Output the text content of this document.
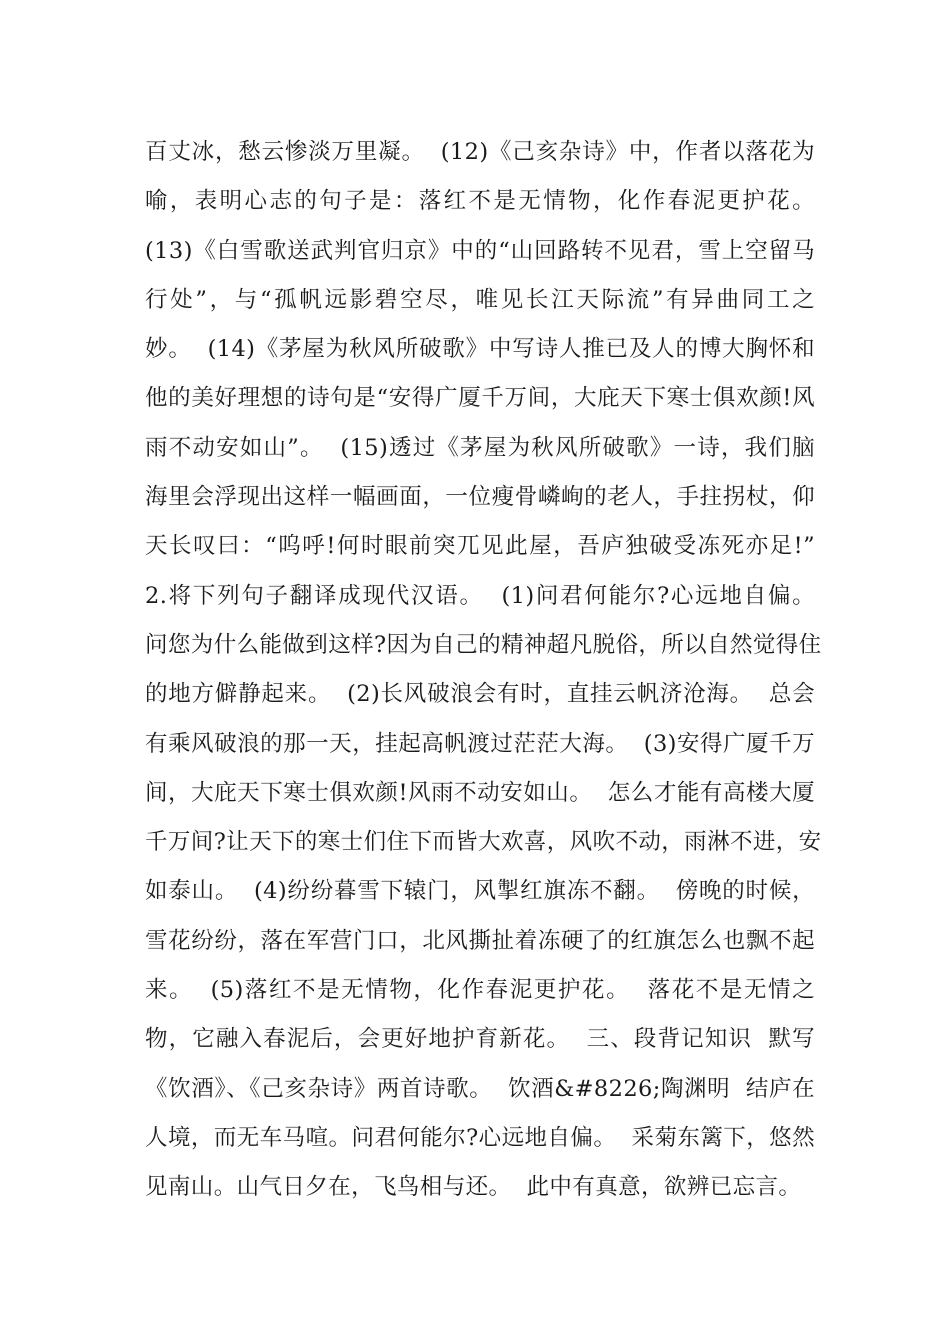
百丈冰，愁云惨淡万里凝。  (12)《己亥杂诗》中，作者以落花为
喻，表明心志的句子是：落红不是无情物，化作春泥更护花。
(13)《白雪歌送武判官归京》中的“山回路转不见君，雪上空留马
行处”，与“孤帆远影碧空尽，唯见长江天际流”有异曲同工之
妙。  (14)《茅屋为秋风所破歌》中写诗人推已及人的博大胸怀和
他的美好理想的诗句是“安得广厦千万间，大庇天下寒士俱欢颜!风
雨不动安如山”。  (15)透过《茅屋为秋风所破歌》一诗，我们脑
海里会浮现出这样一幅画面，一位瘦骨嶙峋的老人，手拄拐杖，仰
天长叹曰：“呜呼!何时眼前突兀见此屋，吾庐独破受冻死亦足!”
2.将下列句子翻译成现代汉语。  (1)问君何能尔?心远地自偏。
问您为什么能做到这样?因为自己的精神超凡脱俗，所以自然觉得住
的地方僻静起来。  (2)长风破浪会有时，直挂云帆济沧海。  总会
有乘风破浪的那一天，挂起高帆渡过茫茫大海。  (3)安得广厦千万
间，大庇天下寒士俱欢颜!风雨不动安如山。  怎么才能有高楼大厦
千万间?让天下的寒士们住下而皆大欢喜，风吹不动，雨淋不进，安
如泰山。  (4)纷纷暮雪下辕门，风掣红旗冻不翻。  傍晚的时候，
雪花纷纷，落在军营门口，北风撕扯着冻硬了的红旗怎么也飘不起
来。  (5)落红不是无情物，化作春泥更护花。  落花不是无情之
物，它融入春泥后，会更好地护育新花。  三、段背记知识  默写
《饮酒》、《己亥杂诗》两首诗歌。  饮酒&#8226;陶渊明  结庐在
人境，而无车马喧。问君何能尔?心远地自偏。  采菊东篱下，悠然
见南山。山气日夕在，飞鸟相与还。  此中有真意，欲辨已忘言。
